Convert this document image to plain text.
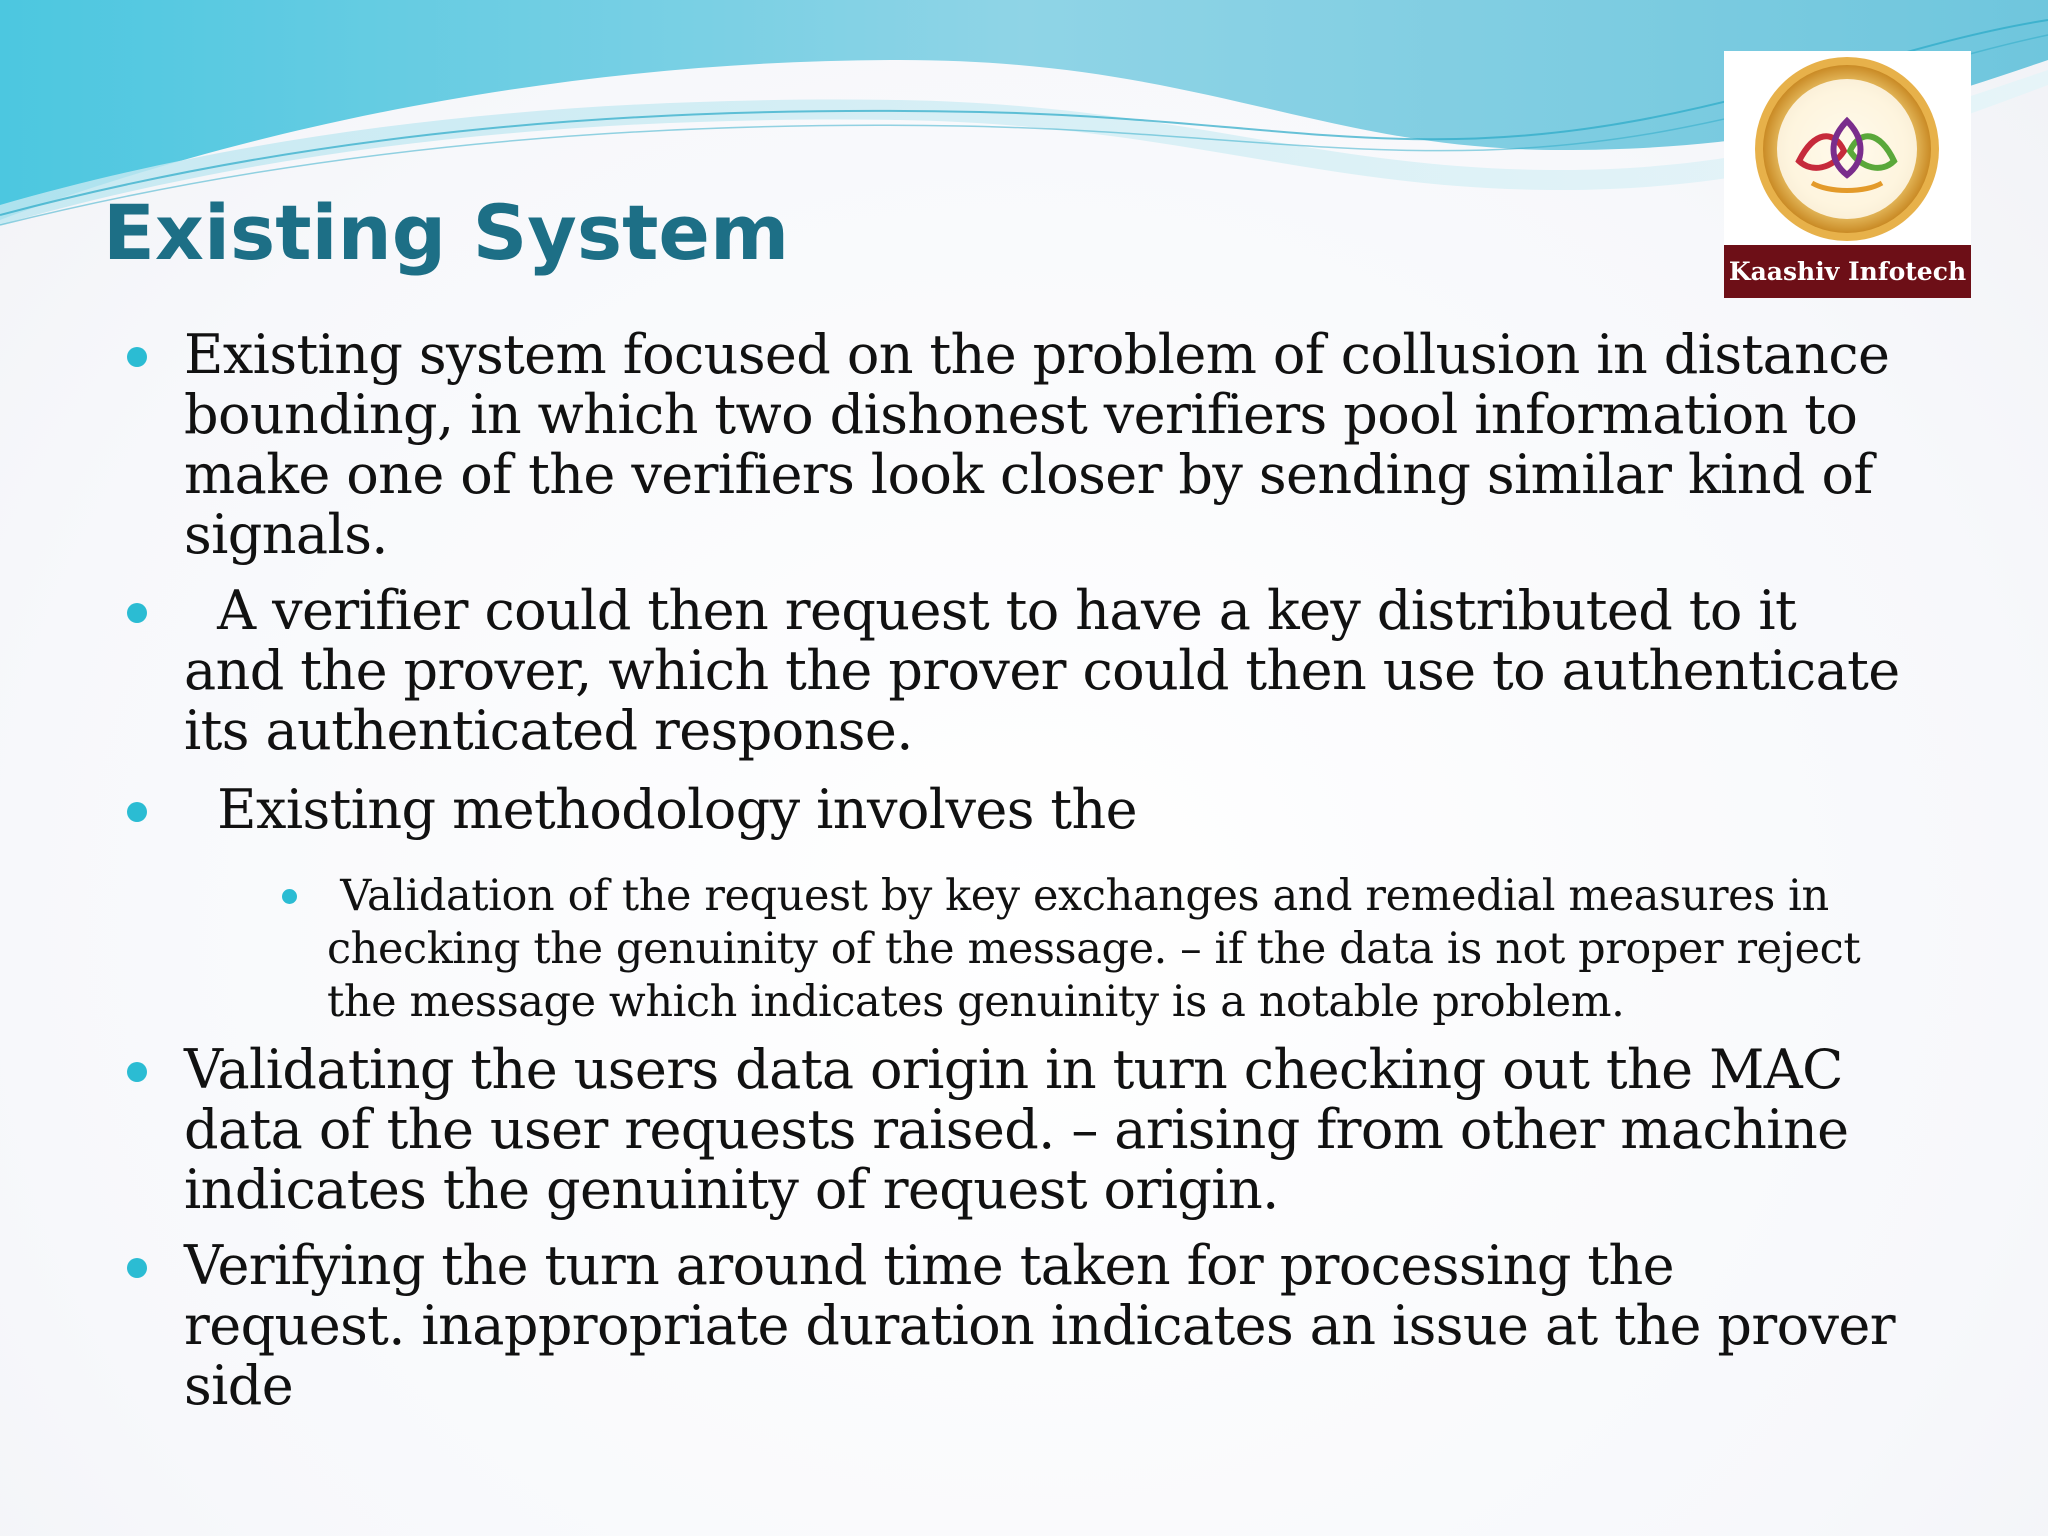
Existing System	Kaashiv Infotech

Existing system focused on the problem of collusion in distance bounding, in which two dishonest verifiers pool information to make one of the verifiers look closer by sending similar kind of signals.

A verifier could then request to have a key distributed to it and the prover, which the prover could then use to authenticate its authenticated response.

Existing methodology involves the

Validation of the request by key exchanges and remedial measures in checking the genuinity of the message. – if the data is not proper reject the message which indicates genuinity is a notable problem.

Validating the users data origin in turn checking out the MAC data of the user requests raised. – arising from other machine indicates the genuinity of request origin.

Verifying the turn around time taken for processing the request. inappropriate duration indicates an issue at the prover side
